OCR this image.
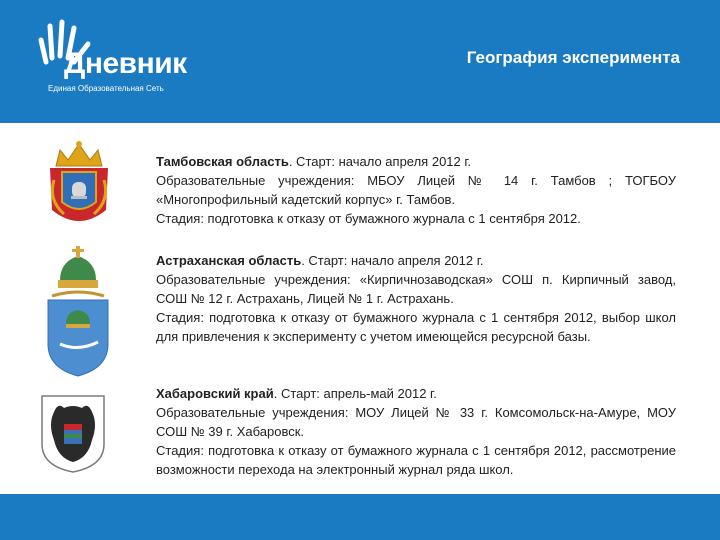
Дневник
Единая Образовательная Сеть
География эксперимента

Тамбовская область. Старт: начало апреля 2012 г.

Образовательные учреждения: МБОУ Лицей № 14 г. Тамбов ; ТОГБОУ «Многопрофильный кадетский корпус» г. Тамбов.

Стадия: подготовка к отказу от бумажного журнала с 1 сентября 2012.

Астраханская область. Старт: начало апреля 2012 г.

Образовательные учреждения: «Кирпичнозаводская» СОШ п. Кирпичный завод, СОШ № 12 г. Астрахань, Лицей № 1 г. Астрахань.

Стадия: подготовка к отказу от бумажного журнала с 1 сентября 2012, выбор школ для привлечения к эксперименту с учетом имеющейся ресурсной базы.

Хабаровский край. Старт: апрель-май 2012 г.

Образовательные учреждения: МОУ Лицей № 33 г. Комсомольск-на-Амуре, МОУ СОШ № 39 г. Хабаровск.

Стадия: подготовка к отказу от бумажного журнала с 1 сентября 2012, рассмотрение возможности перехода на электронный журнал ряда школ.
